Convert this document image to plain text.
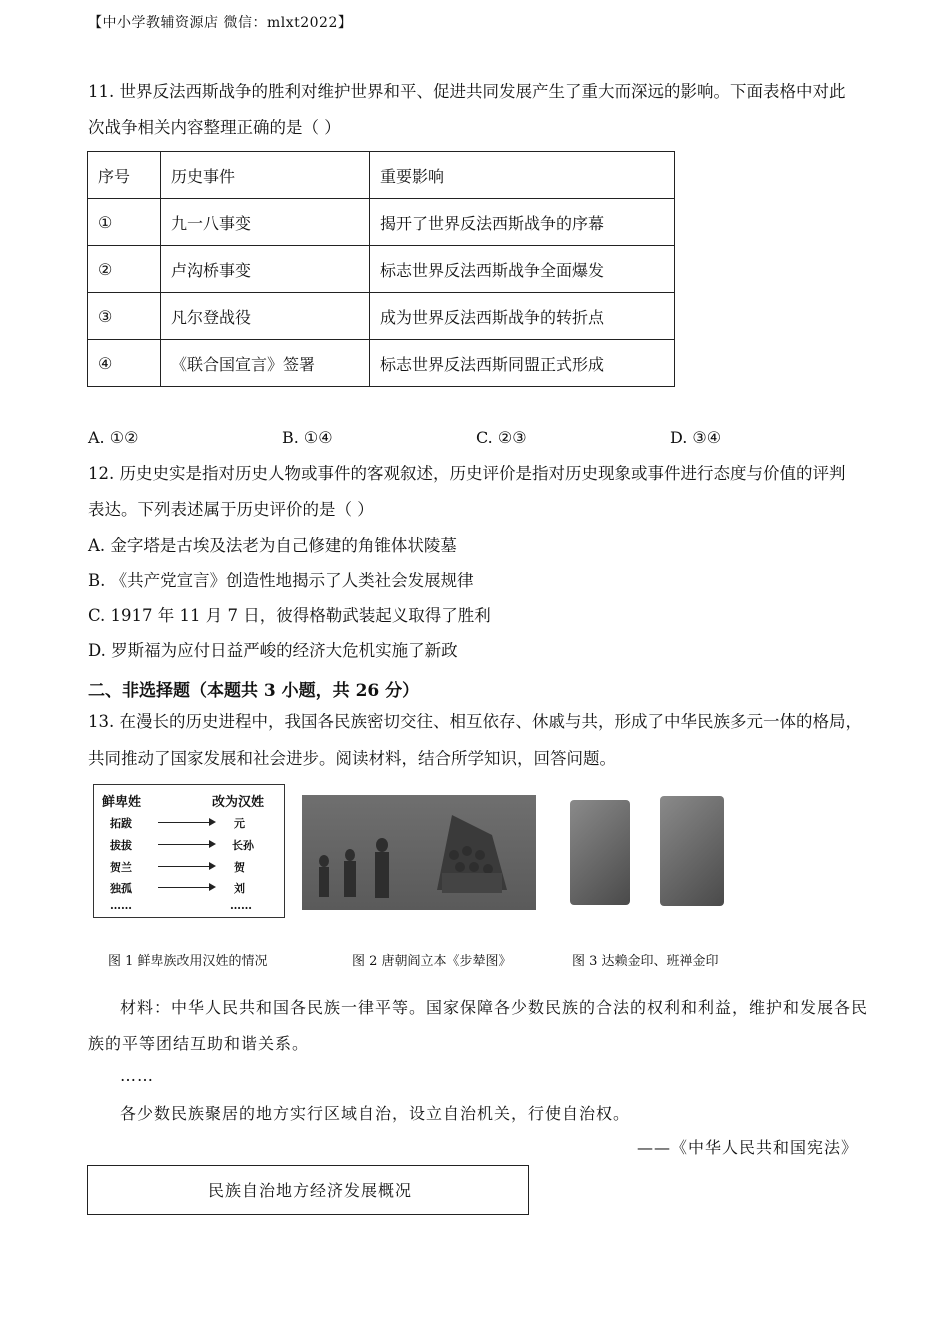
【中小学教辅资源店 微信：mlxt2022】
11. 世界反法西斯战争的胜利对维护世界和平、促进共同发展产生了重大而深远的影响。下面表格中对此
次战争相关内容整理正确的是（ ）
序号	历史事件	重要影响
①	九一八事变	揭开了世界反法西斯战争的序幕
②	卢沟桥事变	标志世界反法西斯战争全面爆发
③	凡尔登战役	成为世界反法西斯战争的转折点
④	《联合国宣言》签署	标志世界反法西斯同盟正式形成
A. ①②	B. ①④	C. ②③	D. ③④
12. 历史史实是指对历史人物或事件的客观叙述，历史评价是指对历史现象或事件进行态度与价值的评判
表达。下列表述属于历史评价的是（ ）
A. 金字塔是古埃及法老为自己修建的角锥体状陵墓
B. 《共产党宣言》创造性地揭示了人类社会发展规律
C. 1917 年 11 月 7 日，彼得格勒武装起义取得了胜利
D. 罗斯福为应付日益严峻的经济大危机实施了新政
二、非选择题（本题共 3 小题，共 26 分）
13. 在漫长的历史进程中，我国各民族密切交往、相互依存、休戚与共，形成了中华民族多元一体的格局，
共同推动了国家发展和社会进步。阅读材料，结合所学知识，回答问题。
鲜卑姓	改为汉姓
拓跋	元
拔拔	长孙
贺兰	贺
独孤	刘
……	……
图 1 鲜卑族改用汉姓的情况	图 2 唐朝阎立本《步辇图》	图 3 达赖金印、班禅金印
材料：中华人民共和国各民族一律平等。国家保障各少数民族的合法的权利和利益，维护和发展各民
族的平等团结互助和谐关系。
……
各少数民族聚居的地方实行区域自治，设立自治机关，行使自治权。
——《中华人民共和国宪法》
民族自治地方经济发展概况
